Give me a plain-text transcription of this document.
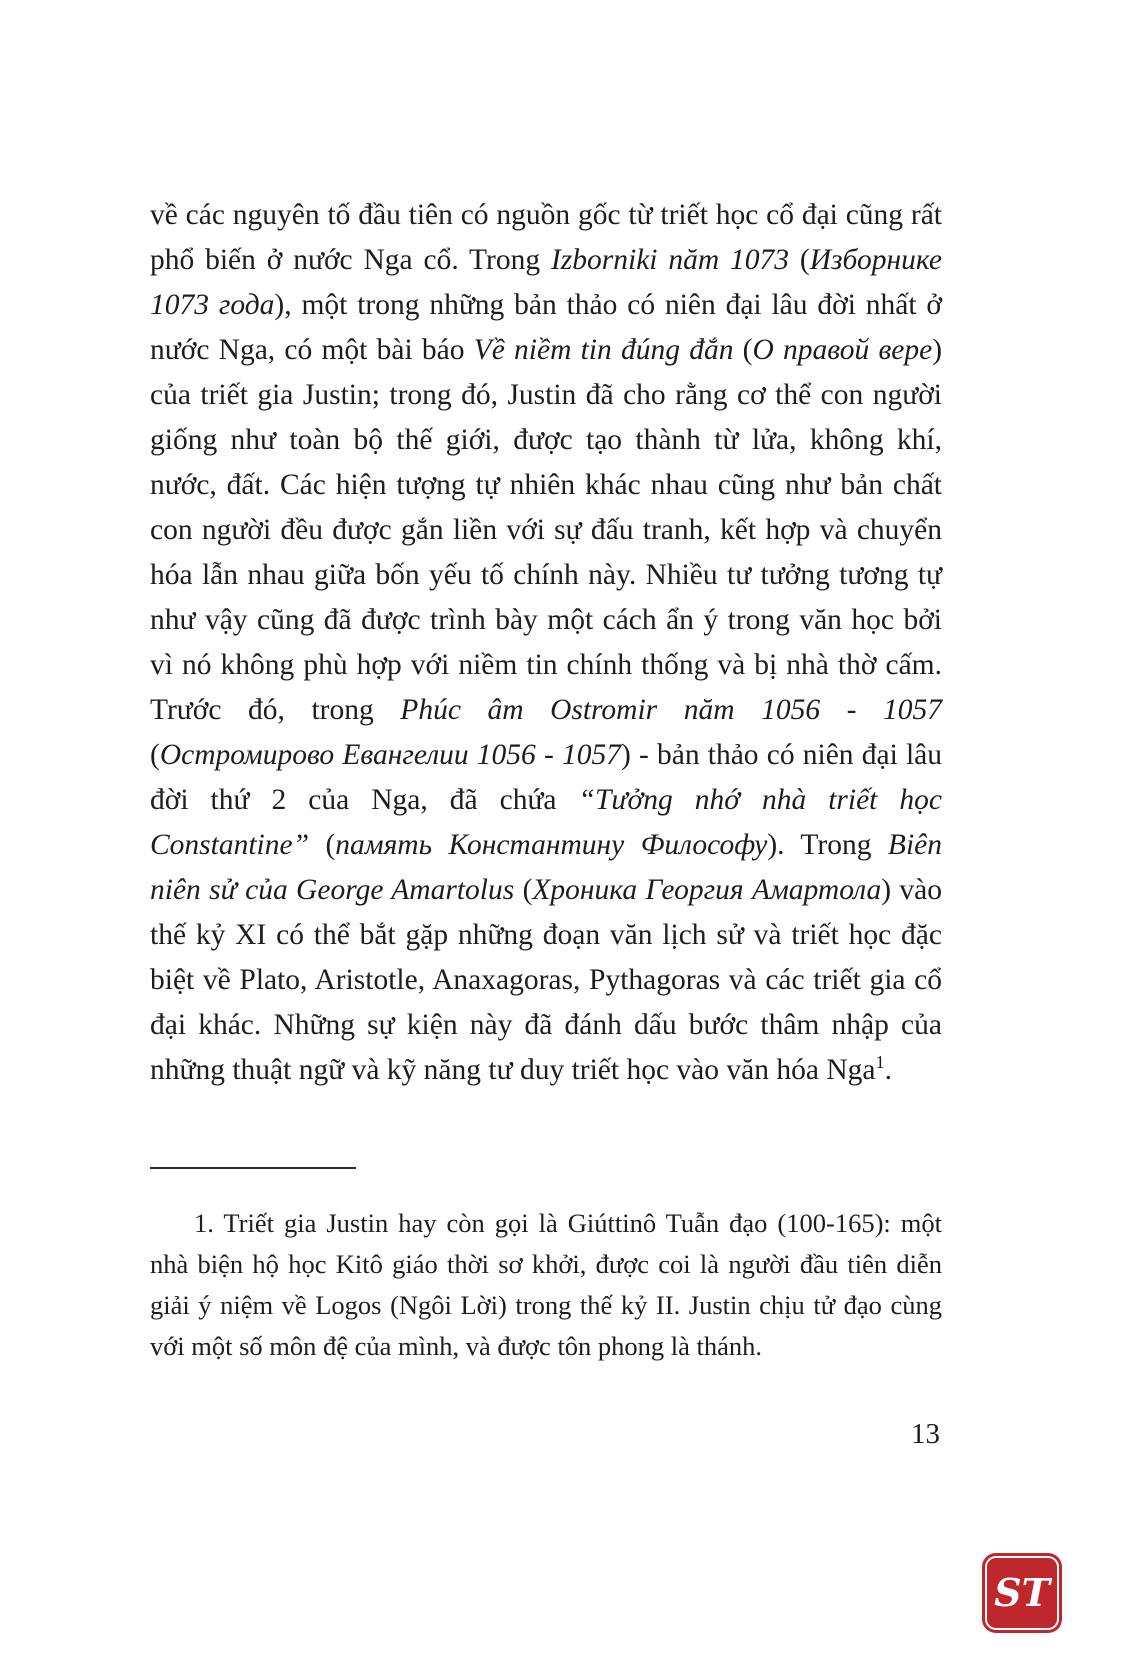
về các nguyên tố đầu tiên có nguồn gốc từ triết học cổ đại cũng rất phổ biến ở nước Nga cổ. Trong Izborniki năm 1073 (Изборнике 1073 года), một trong những bản thảo có niên đại lâu đời nhất ở nước Nga, có một bài báo Về niềm tin đúng đắn (О правой вере) của triết gia Justin; trong đó, Justin đã cho rằng cơ thể con người giống như toàn bộ thế giới, được tạo thành từ lửa, không khí, nước, đất. Các hiện tượng tự nhiên khác nhau cũng như bản chất con người đều được gắn liền với sự đấu tranh, kết hợp và chuyển hóa lẫn nhau giữa bốn yếu tố chính này. Nhiều tư tưởng tương tự như vậy cũng đã được trình bày một cách ẩn ý trong văn học bởi vì nó không phù hợp với niềm tin chính thống và bị nhà thờ cấm. Trước đó, trong Phúc âm Ostromir năm 1056 - 1057 (Остромирово Евангелии 1056 - 1057) - bản thảo có niên đại lâu đời thứ 2 của Nga, đã chứa “Tưởng nhớ nhà triết học Constantine” (память Константину Философу). Trong Biên niên sử của George Amartolus (Хроника Георгия Амартола) vào thế kỷ XI có thể bắt gặp những đoạn văn lịch sử và triết học đặc biệt về Plato, Aristotle, Anaxagoras, Pythagoras và các triết gia cổ đại khác. Những sự kiện này đã đánh dấu bước thâm nhập của những thuật ngữ và kỹ năng tư duy triết học vào văn hóa Nga$^1$.

1. Triết gia Justin hay còn gọi là Giúttinô Tuẫn đạo (100-165): một nhà biện hộ học Kitô giáo thời sơ khởi, được coi là người đầu tiên diễn giải ý niệm về Logos (Ngôi Lời) trong thế kỷ II. Justin chịu tử đạo cùng với một số môn đệ của mình, và được tôn phong là thánh.

13
ST
